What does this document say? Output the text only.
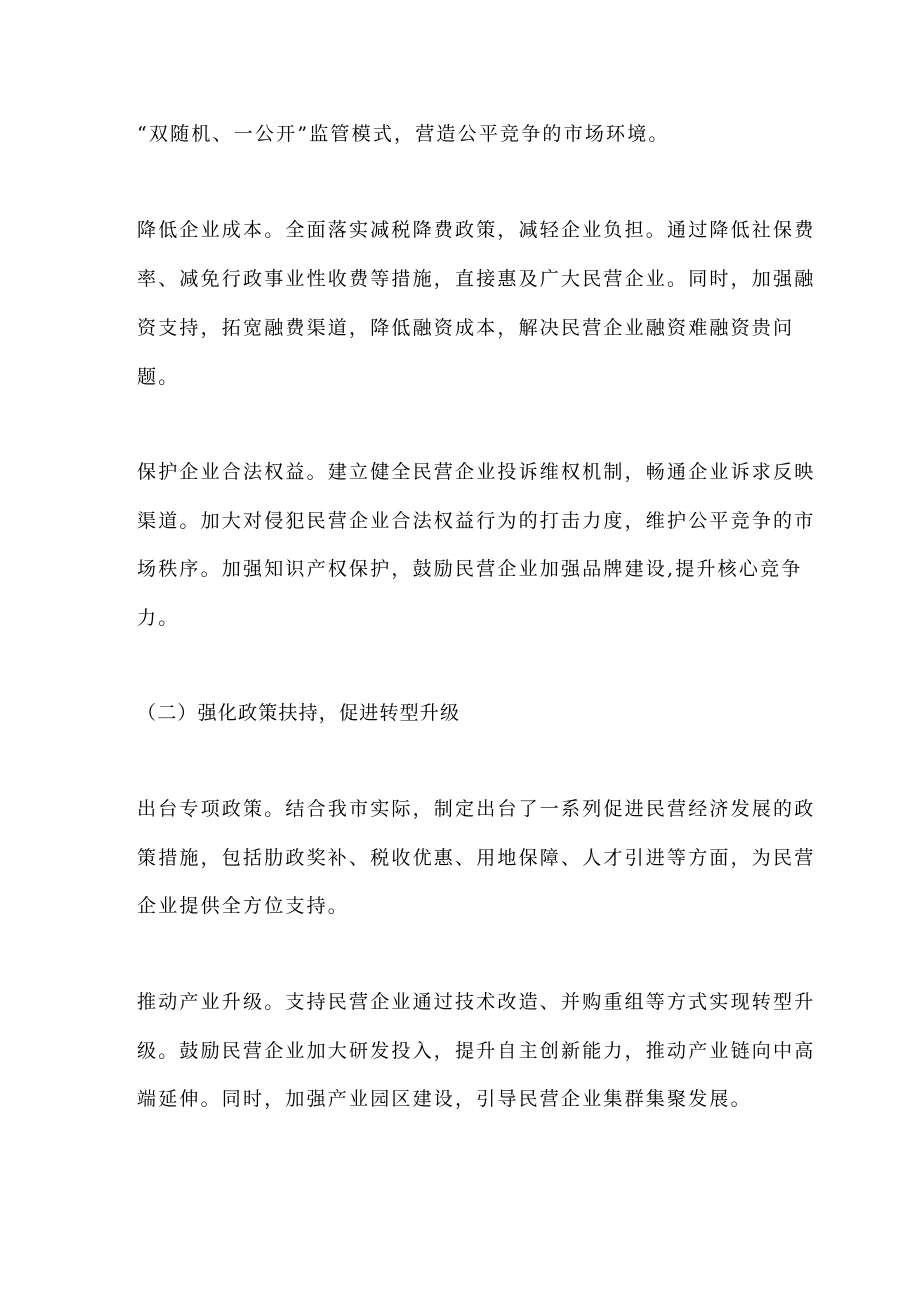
“双随机、一公开”监管模式，营造公平竞争的市场环境。
降低企业成本。全面落实减税降费政策，减轻企业负担。通过降低社保费
率、减免行政事业性收费等措施，直接惠及广大民营企业。同时，加强融
资支持，拓宽融费渠道，降低融资成本，解决民营企业融资难融资贵问
题。
保护企业合法权益。建立健全民营企业投诉维权机制，畅通企业诉求反映
渠道。加大对侵犯民营企业合法权益行为的打击力度，维护公平竞争的市
场秩序。加强知识产权保护，鼓励民营企业加强品牌建设,提升核心竞争
力。
（二）强化政策扶持，促进转型升级
出台专项政策。结合我市实际，制定出台了一系列促进民营经济发展的政
策措施，包括肋政奖补、税收优惠、用地保障、人才引进等方面，为民营
企业提供全方位支持。
推动产业升级。支持民营企业通过技术改造、并购重组等方式实现转型升
级。鼓励民营企业加大研发投入，提升自主创新能力，推动产业链向中高
端延伸。同时，加强产业园区建设，引导民营企业集群集聚发展。
